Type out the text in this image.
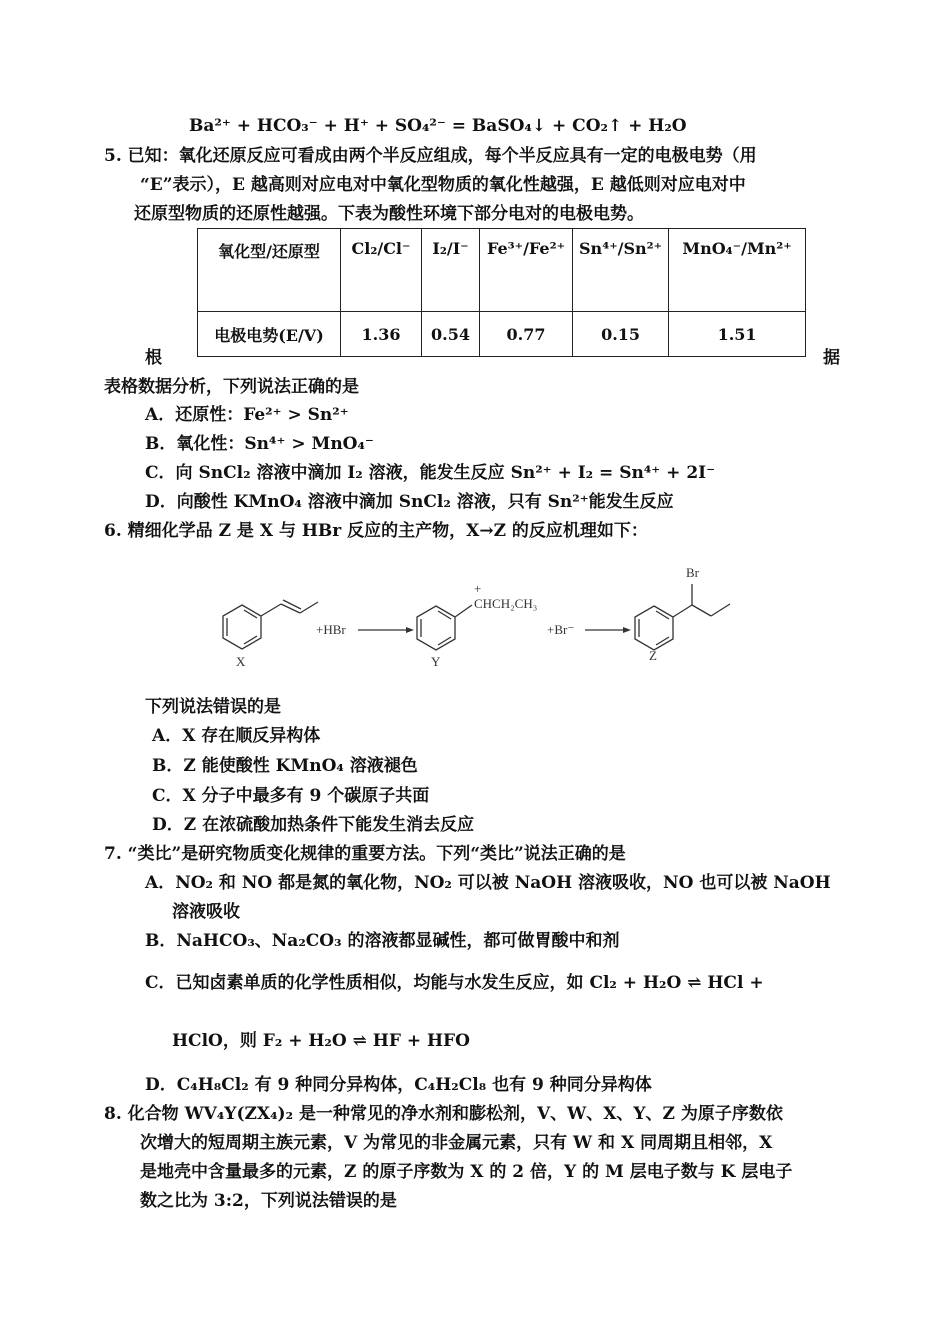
Ba²⁺ + HCO₃⁻ + H⁺ + SO₄²⁻ = BaSO₄↓ + CO₂↑ + H₂O
5. 已知：氧化还原反应可看成由两个半反应组成，每个半反应具有一定的电极电势（用
“E”表示），E 越高则对应电对中氧化型物质的氧化性越强，E 越低则对应电对中
还原型物质的还原性越强。下表为酸性环境下部分电对的电极电势。
氧化型/还原型	Cl₂/Cl⁻	I₂/I⁻	Fe³⁺/Fe²⁺	Sn⁴⁺/Sn²⁺	MnO₄⁻/Mn²⁺
电极电势(E/V)	1.36	0.54	0.77	0.15	1.51
根	据
表格数据分析，下列说法正确的是
A．还原性：Fe²⁺ > Sn²⁺
B．氧化性：Sn⁴⁺ > MnO₄⁻
C．向 SnCl₂ 溶液中滴加 I₂ 溶液，能发生反应 Sn²⁺ + I₂ = Sn⁴⁺ + 2I⁻
D．向酸性 KMnO₄ 溶液中滴加 SnCl₂ 溶液，只有 Sn²⁺能发生反应
6. 精细化学品 Z 是 X 与 HBr 反应的主产物，X→Z 的反应机理如下：
X
+HBr
+
CHCH₂CH₃
Y
+Br⁻
Br
Z
下列说法错误的是
A．X 存在顺反异构体
B．Z 能使酸性 KMnO₄ 溶液褪色
C．X 分子中最多有 9 个碳原子共面
D．Z 在浓硫酸加热条件下能发生消去反应
7. “类比”是研究物质变化规律的重要方法。下列“类比”说法正确的是
A．NO₂ 和 NO 都是氮的氧化物，NO₂ 可以被 NaOH 溶液吸收，NO 也可以被 NaOH
溶液吸收
B．NaHCO₃、Na₂CO₃ 的溶液都显碱性，都可做胃酸中和剂
C．已知卤素单质的化学性质相似，均能与水发生反应，如 Cl₂ + H₂O ⇌ HCl +
HClO，则 F₂ + H₂O ⇌ HF + HFO
D．C₄H₈Cl₂ 有 9 种同分异构体，C₄H₂Cl₈ 也有 9 种同分异构体
8. 化合物 WV₄Y(ZX₄)₂ 是一种常见的净水剂和膨松剂，V、W、X、Y、Z 为原子序数依
次增大的短周期主族元素，V 为常见的非金属元素，只有 W 和 X 同周期且相邻，X
是地壳中含量最多的元素，Z 的原子序数为 X 的 2 倍，Y 的 M 层电子数与 K 层电子
数之比为 3:2，下列说法错误的是
